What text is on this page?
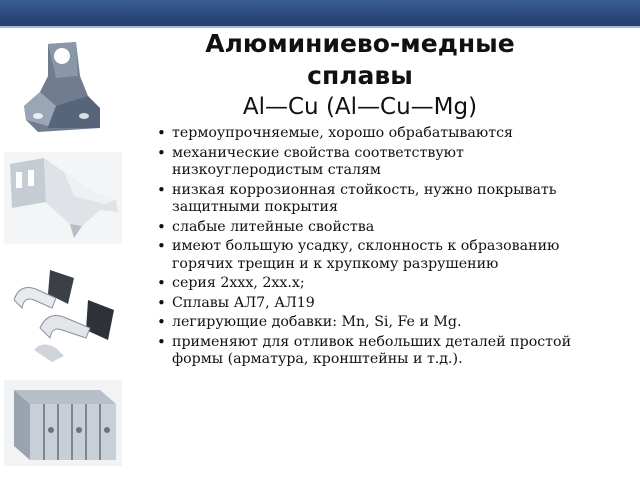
Алюминиево-медные сплавы
Al—Cu (Al—Cu—Mg)
• термоупрочняемые, хорошо обрабатываются
• механические свойства соответствуют низкоуглеродистым сталям
• низкая коррозионная стойкость, нужно покрывать защитными покрытия
• слабые литейные свойства
• имеют большую усадку, склонность к образованию горячих трещин и к хрупкому разрушению
• серия 2xxx, 2xx.x;
• Сплавы АЛ7, АЛ19
• легирующие добавки: Mn, Si, Fe и Mg.
• применяют для отливок небольших деталей простой формы (арматура, кронштейны и т.д.).
